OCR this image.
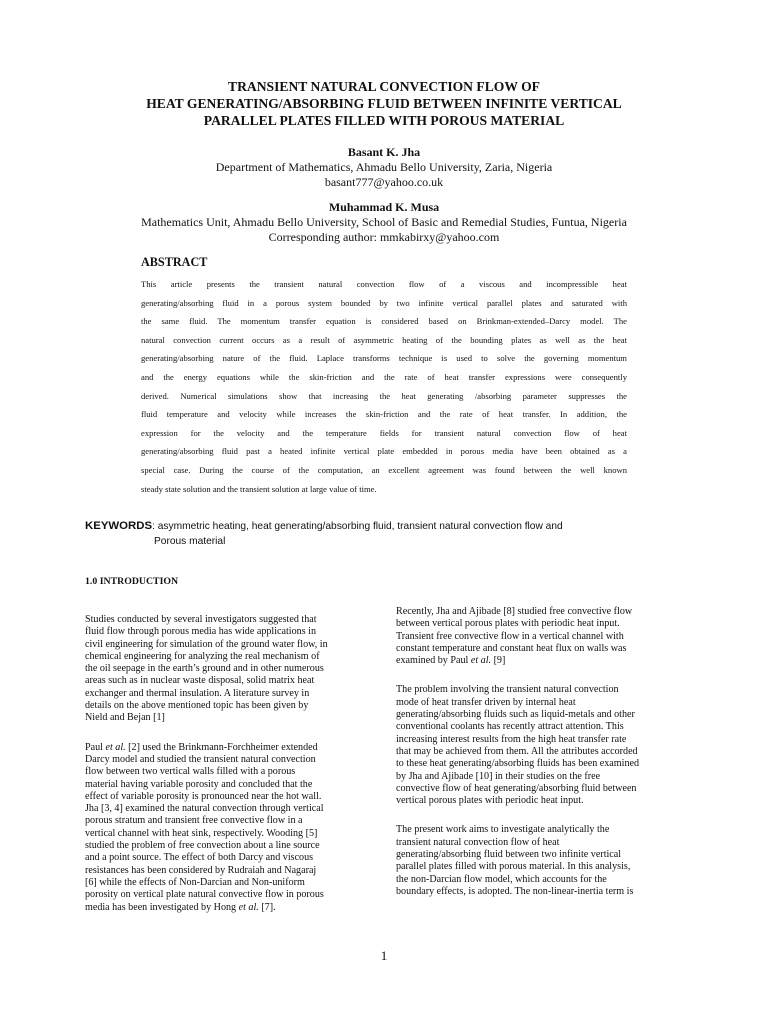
TRANSIENT NATURAL CONVECTION FLOW OF
HEAT GENERATING/ABSORBING FLUID BETWEEN INFINITE VERTICAL
PARALLEL PLATES FILLED WITH POROUS MATERIAL
Basant K. Jha
Department of Mathematics, Ahmadu Bello University, Zaria, Nigeria
basant777@yahoo.co.uk
Muhammad K. Musa
Mathematics Unit, Ahmadu Bello University, School of Basic and Remedial Studies, Funtua, Nigeria
Corresponding author: mmkabirxy@yahoo.com
ABSTRACT
This article presents the transient natural convection flow of a viscous and incompressible heat
generating/absorbing fluid in a porous system bounded by two infinite vertical parallel plates and saturated with
the same fluid. The momentum transfer equation is considered based on Brinkman-extended–Darcy model. The
natural convection current occurs as a result of asymmetric heating of the bounding plates as well as the heat
generating/absorbing nature of the fluid. Laplace transforms technique is used to solve the governing momentum
and the energy equations while the skin-friction and the rate of heat transfer expressions were consequently
derived. Numerical simulations show that increasing the heat generating /absorbing parameter suppresses the
fluid temperature and velocity while increases the skin-friction and the rate of heat transfer. In addition, the
expression for the velocity and the temperature fields for transient natural convection flow of heat
generating/absorbing fluid past a heated infinite vertical plate embedded in porous media have been obtained as a
special case. During the course of the computation, an excellent agreement was found between the well known
steady state solution and the transient solution at large value of time.
KEYWORDS: asymmetric heating, heat generating/absorbing fluid, transient natural convection flow and
Porous material
1.0 INTRODUCTION

Studies conducted by several investigators suggested that
fluid flow through porous media has wide applications in
civil engineering for simulation of the ground water flow, in
chemical engineering for analyzing the real mechanism of
the oil seepage in the earth’s ground and in other numerous
areas such as in nuclear waste disposal, solid matrix heat
exchanger and thermal insulation. A literature survey in
details on the above mentioned topic has been given by
Nield and Bejan [1]

Paul et al. [2] used the Brinkmann-Forchheimer extended
Darcy model and studied the transient natural convection
flow between two vertical walls filled with a porous
material having variable porosity and concluded that the
effect of variable porosity is pronounced near the hot wall.
Jha [3, 4] examined the natural convection through vertical
porous stratum and transient free convective flow in a
vertical channel with heat sink, respectively. Wooding [5]
studied the problem of free convection about a line source
and a point source. The effect of both Darcy and viscous
resistances has been considered by Rudraiah and Nagaraj
[6] while the effects of Non-Darcian and Non-uniform
porosity on vertical plate natural convective flow in porous
media has been investigated by Hong et al. [7].

Recently, Jha and Ajibade [8] studied free convective flow
between vertical porous plates with periodic heat input.
Transient free convective flow in a vertical channel with
constant temperature and constant heat flux on walls was
examined by Paul et al. [9]

The problem involving the transient natural convection
mode of heat transfer driven by internal heat
generating/absorbing fluids such as liquid-metals and other
conventional coolants has recently attract attention. This
increasing interest results from the high heat transfer rate
that may be achieved from them. All the attributes accorded
to these heat generating/absorbing fluids has been examined
by Jha and Ajibade [10] in their studies on the free
convective flow of heat generating/absorbing fluid between
vertical porous plates with periodic heat input.

The present work aims to investigate analytically the
transient natural convection flow of heat
generating/absorbing fluid between two infinite vertical
parallel plates filled with porous material. In this analysis,
the non-Darcian flow model, which accounts for the
boundary effects, is adopted. The non-linear-inertia term is

1
